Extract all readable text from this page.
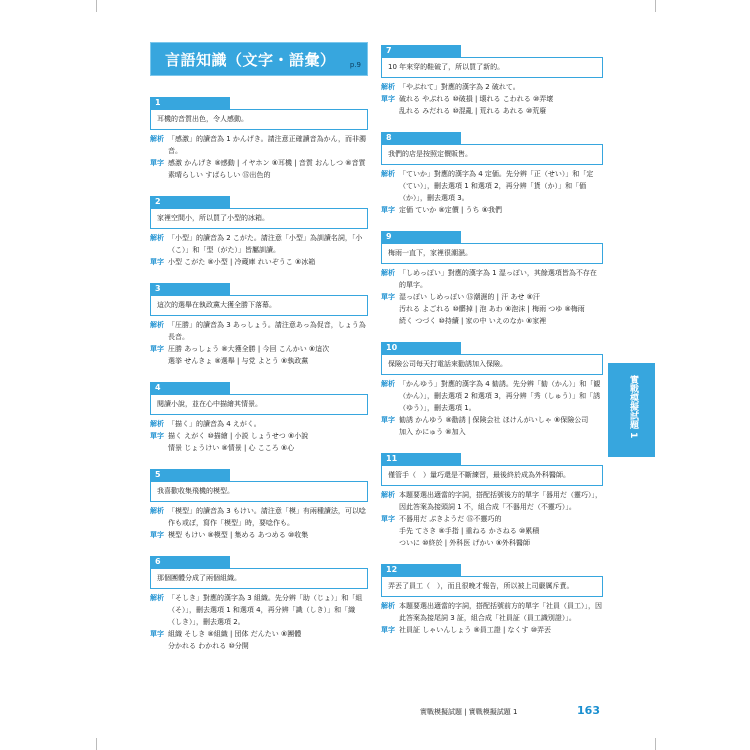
言語知識（文字・語彙） p.9
1
耳機的音質出色，令人感動。
解析 「感激」的讀音為 1 かんげき。請注意正確讀音為かん，而非濁音。
單字 感激 かんげき ⑧感動 | イヤホン ⑧耳機 | 音質 おんしつ ⑧音質
素晴らしい すばらしい ⑮出色的
2
家裡空間小，所以買了小型的冰箱。
解析 「小型」的讀音為 2 こがた。請注意「小型」為訓讀名詞，「小（こ）」和「型（がた）」皆屬訓讀。
單字 小型 こがた ⑧小型 | 冷蔵庫 れいぞうこ ⑧冰箱
3
這次的選舉在執政黨大獲全勝下落幕。
解析 「圧勝」的讀音為 3 あっしょう。請注意あっ為促音，しょう為長音。
單字 圧勝 あっしょう ⑧大獲全勝 | 今回 こんかい ⑧這次
選挙 せんきょ ⑧選舉 | 与党 よとう ⑧執政黨
4
閱讀小說，並在心中描繪其情景。
解析 「描く」的讀音為 4 えがく。
單字 描く えがく ⑩描繪 | 小説 しょうせつ ⑧小說
情景 じょうけい ⑧情景 | 心 こころ ⑧心
5
我喜歡收集飛機的模型。
解析 「模型」的讀音為 3 もけい。請注意「模」有兩種讀法，可以唸作も或ぼ，寫作「模型」時，要唸作も。
單字 模型 もけい ⑧模型 | 集める あつめる ⑩收集
6
那個團體分成了兩個組織。
解析 「そしき」對應的漢字為 3 組織。先分辨「助（じょ）」和「組（そ）」，刪去選項 1 和選項 4，再分辨「識（しき）」和「織（しき）」，刪去選項 2。
單字 組織 そしき ⑧組織 | 団体 だんたい ⑧團體
分かれる わかれる ⑩分開
7
10 年來穿的鞋破了，所以買了新的。
解析 「やぶれて」對應的漢字為 2 破れて。
單字 破れる やぶれる ⑩破損 | 壊れる こわれる ⑩弄壞
乱れる みだれる ⑩混亂 | 荒れる あれる ⑩荒廢
8
我們的店是按照定價販售。
解析 「ていか」對應的漢字為 4 定価。先分辨「正（せい）」和「定（てい）」，刪去選項 1 和選項 2，再分辨「貨（か）」和「価（か）」，刪去選項 3。
單字 定価 ていか ⑧定價 | うち ⑧我們
9
梅雨一直下，家裡很潮濕。
解析 「しめっぽい」對應的漢字為 1 湿っぽい，其餘選項皆為不存在的單字。
單字 湿っぽい しめっぽい ⑮潮濕的 | 汗 あせ ⑧汗
汚れる よごれる ⑩髒掉 | 泡 あわ ⑧泡沫 | 梅雨 つゆ ⑧梅雨
続く つづく ⑩持續 | 家の中 いえのなか ⑧家裡
10
保險公司每天打電話來勸誘加入保險。
解析 「かんゆう」對應的漢字為 4 勧誘。先分辨「勧（かん）」和「観（かん）」，刪去選項 2 和選項 3，再分辨「秀（しゅう）」和「誘（ゆう）」，刪去選項 1。
單字 勧誘 かんゆう ⑧勸誘 | 保険会社 ほけんがいしゃ ⑧保險公司
加入 かにゅう ⑧加入
11
僅管手（　）量巧還是不斷練習，最後終於成為外科醫師。
解析 本題要選出適當的字詞，搭配括號後方的單字「器用だ（靈巧）」，因此答案為接頭詞 1 不，組合成「不器用だ（不靈巧）」。
單字 不器用だ ぶきようだ ⑮不靈巧的
手先 てさき ⑧手指 | 重ねる かさねる ⑩累積
ついに ⑩終於 | 外科医 げかい ⑧外科醫師
12
弄丟了員工（　），而且很晚才報告，所以被上司嚴厲斥責。
解析 本題要選出適當的字詞，搭配括號前方的單字「社員（員工）」，因此答案為接尾詞 3 証，組合成「社員証（員工識別證）」。
單字 社員証 しゃいんしょう ⑧員工證 | なくす ⑩弄丟
實戰模擬試題 1
實戰模擬試題 | 實戰模擬試題 1	163
